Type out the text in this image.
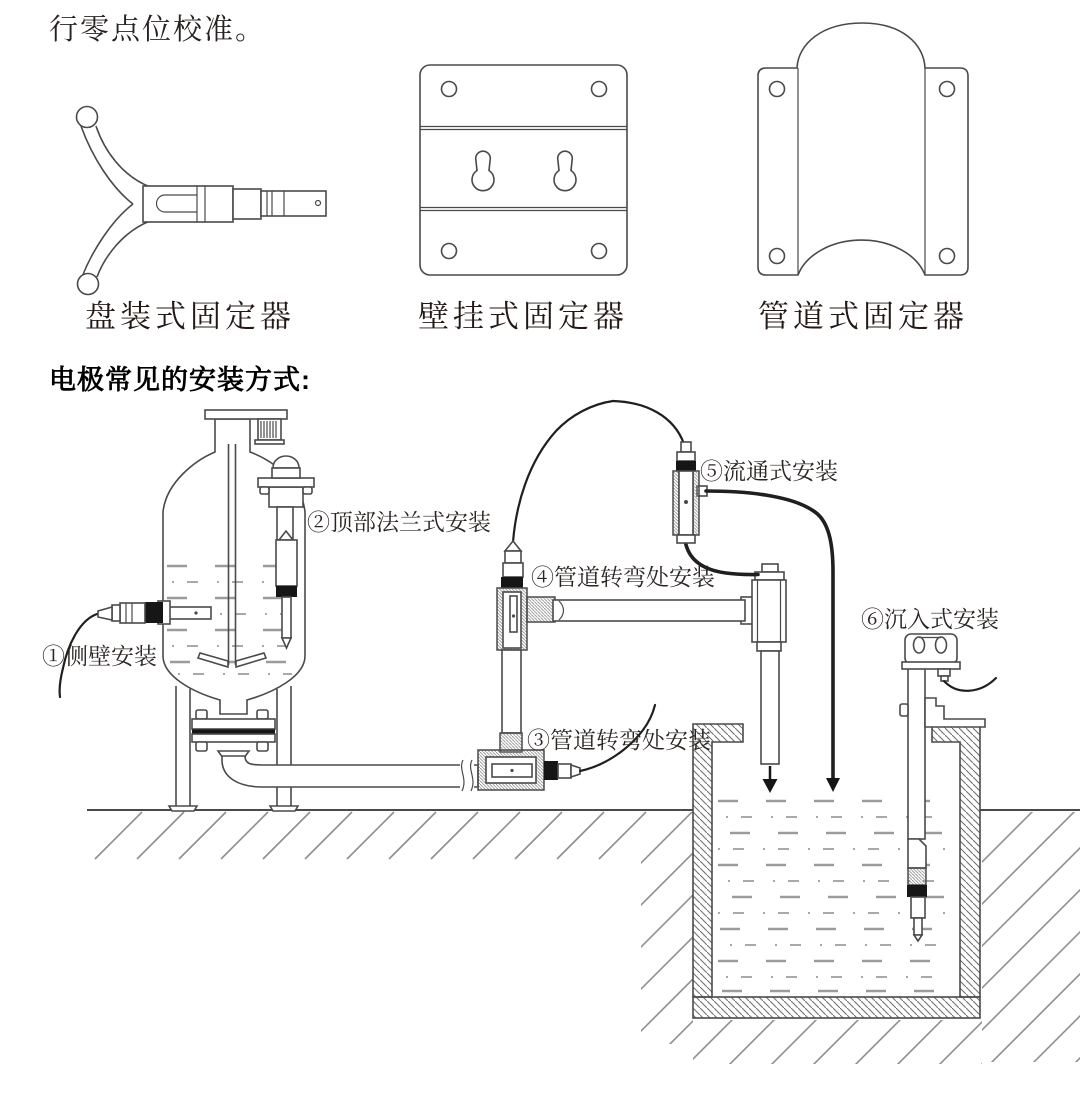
行零点位校准。
盘装式固定器	壁挂式固定器	管道式固定器
电极常见的安装方式:
①侧壁安装
②顶部法兰式安装
③管道转弯处安装
④管道转弯处安装
⑤流通式安装
⑥沉入式安装
